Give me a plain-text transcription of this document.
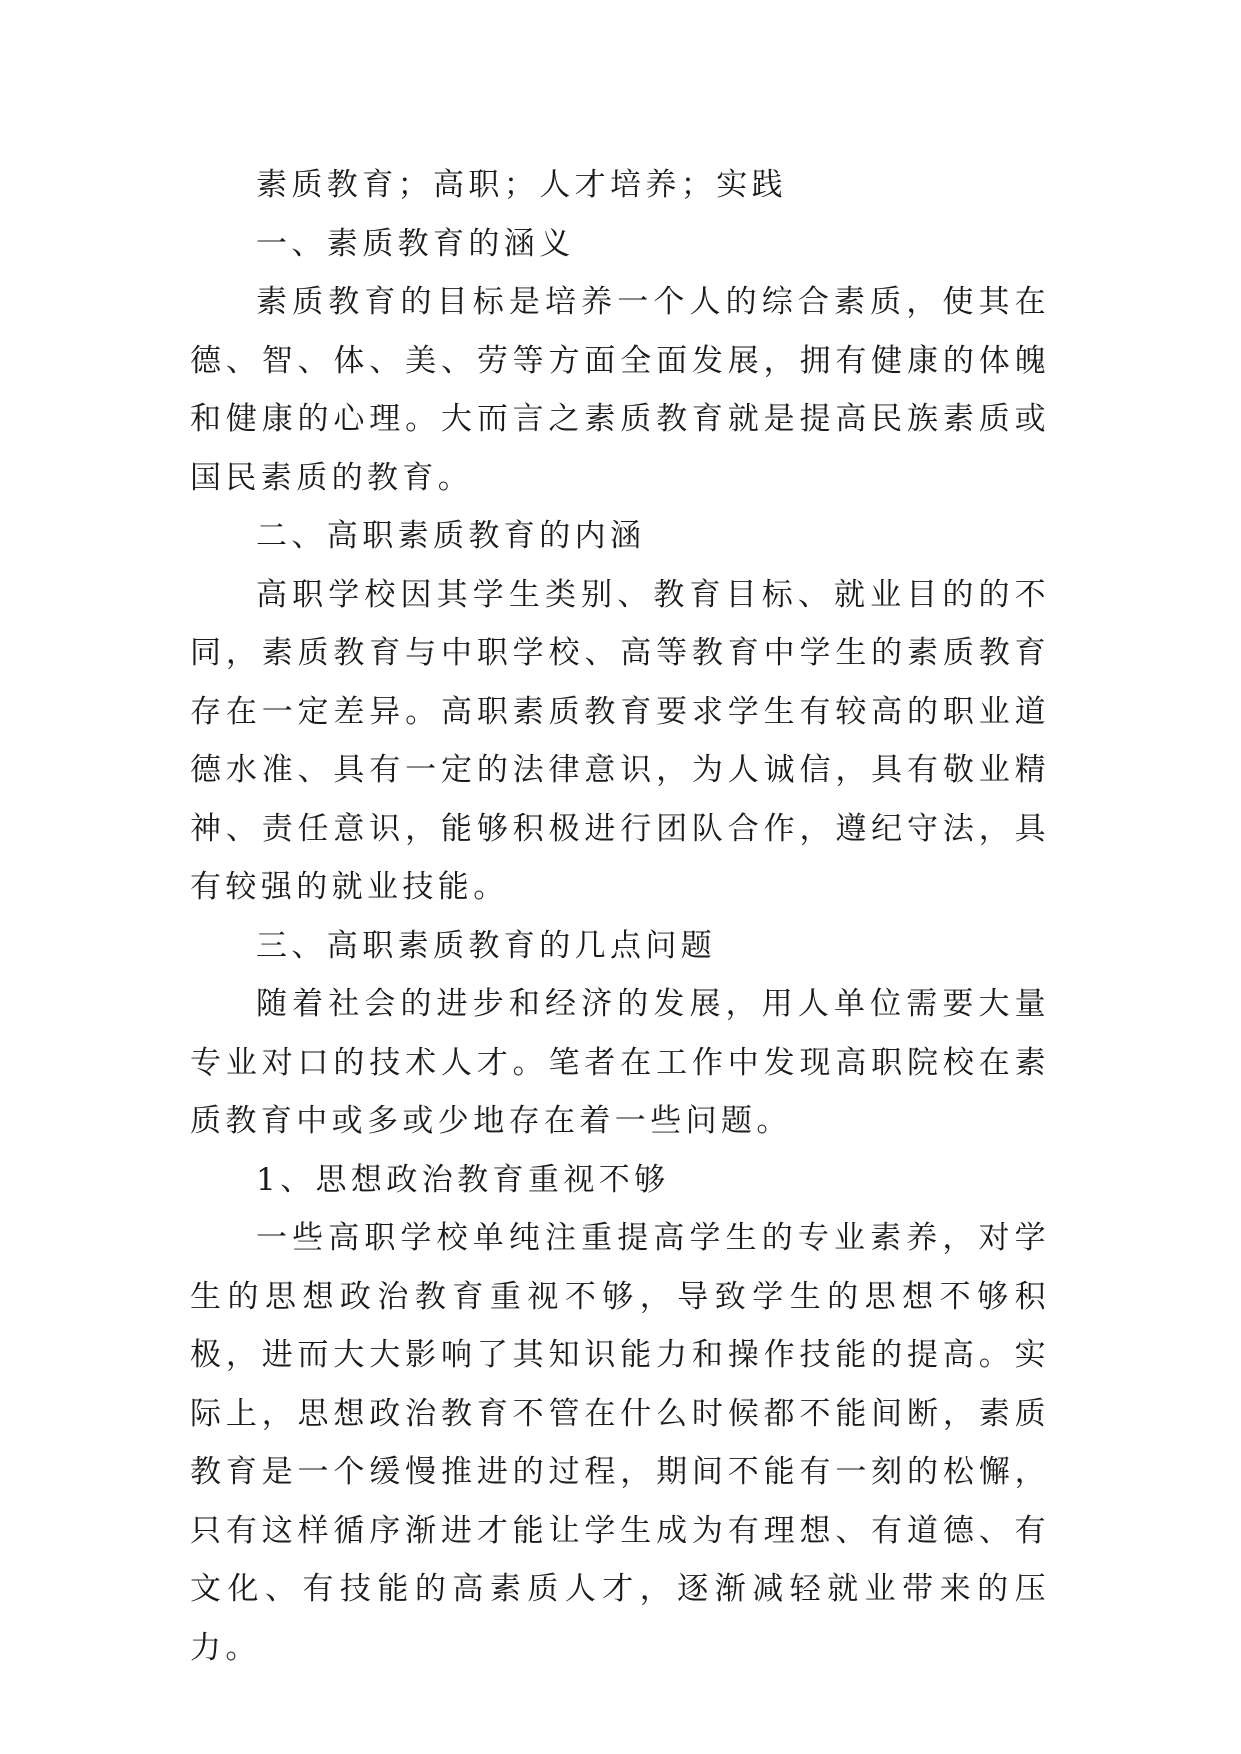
素质教育；高职；人才培养；实践

一、素质教育的涵义

素质教育的目标是培养一个人的综合素质，使其在德、智、体、美、劳等方面全面发展，拥有健康的体魄和健康的心理。大而言之素质教育就是提高民族素质或国民素质的教育。

二、高职素质教育的内涵

高职学校因其学生类别、教育目标、就业目的的不同，素质教育与中职学校、高等教育中学生的素质教育存在一定差异。高职素质教育要求学生有较高的职业道德水准、具有一定的法律意识，为人诚信，具有敬业精神、责任意识，能够积极进行团队合作，遵纪守法，具有较强的就业技能。

三、高职素质教育的几点问题

随着社会的进步和经济的发展，用人单位需要大量专业对口的技术人才。笔者在工作中发现高职院校在素质教育中或多或少地存在着一些问题。

1、思想政治教育重视不够

一些高职学校单纯注重提高学生的专业素养，对学生的思想政治教育重视不够，导致学生的思想不够积极，进而大大影响了其知识能力和操作技能的提高。实际上，思想政治教育不管在什么时候都不能间断，素质教育是一个缓慢推进的过程，期间不能有一刻的松懈，只有这样循序渐进才能让学生成为有理想、有道德、有文化、有技能的高素质人才，逐渐减轻就业带来的压力。
